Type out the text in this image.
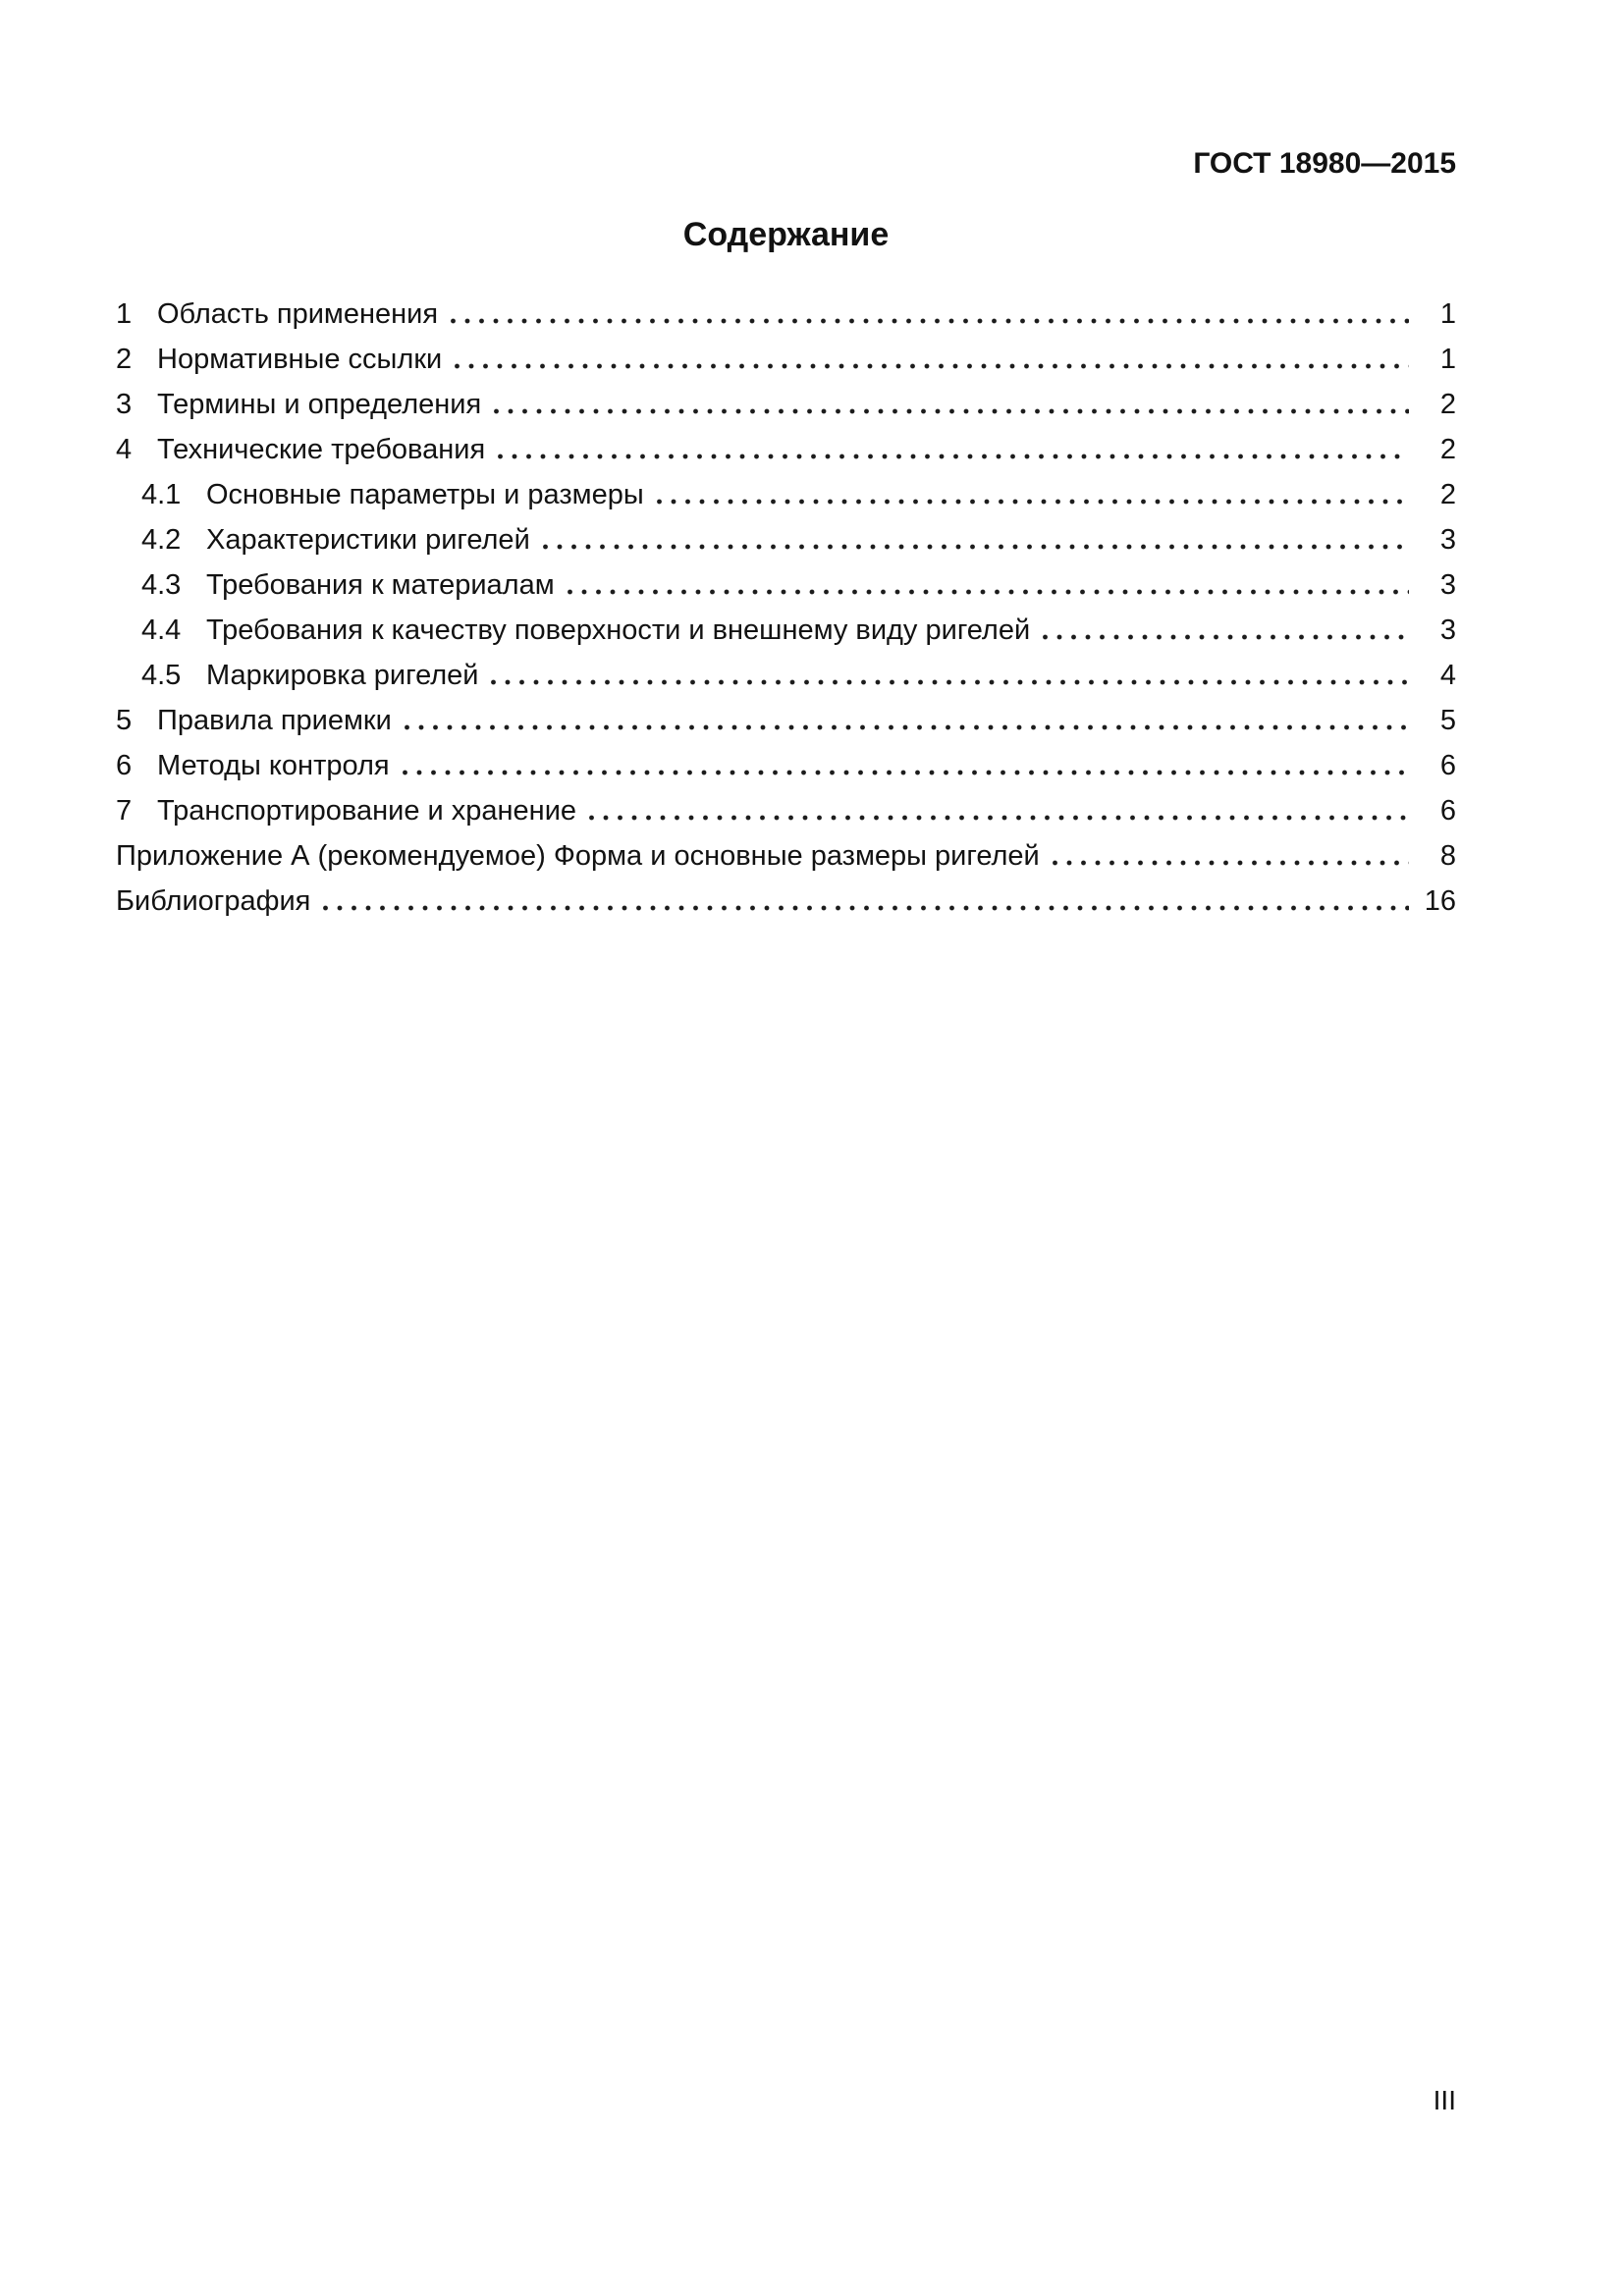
ГОСТ 18980—2015
Содержание
1 Область применения	1
2 Нормативные ссылки	1
3 Термины и определения	2
4 Технические требования	2
4.1 Основные параметры и размеры	2
4.2 Характеристики ригелей	3
4.3 Требования к материалам	3
4.4 Требования к качеству поверхности и внешнему виду ригелей	3
4.5 Маркировка ригелей	4
5 Правила приемки	5
6 Методы контроля	6
7 Транспортирование и хранение	6
Приложение А (рекомендуемое) Форма и основные размеры ригелей	8
Библиография	16
III
